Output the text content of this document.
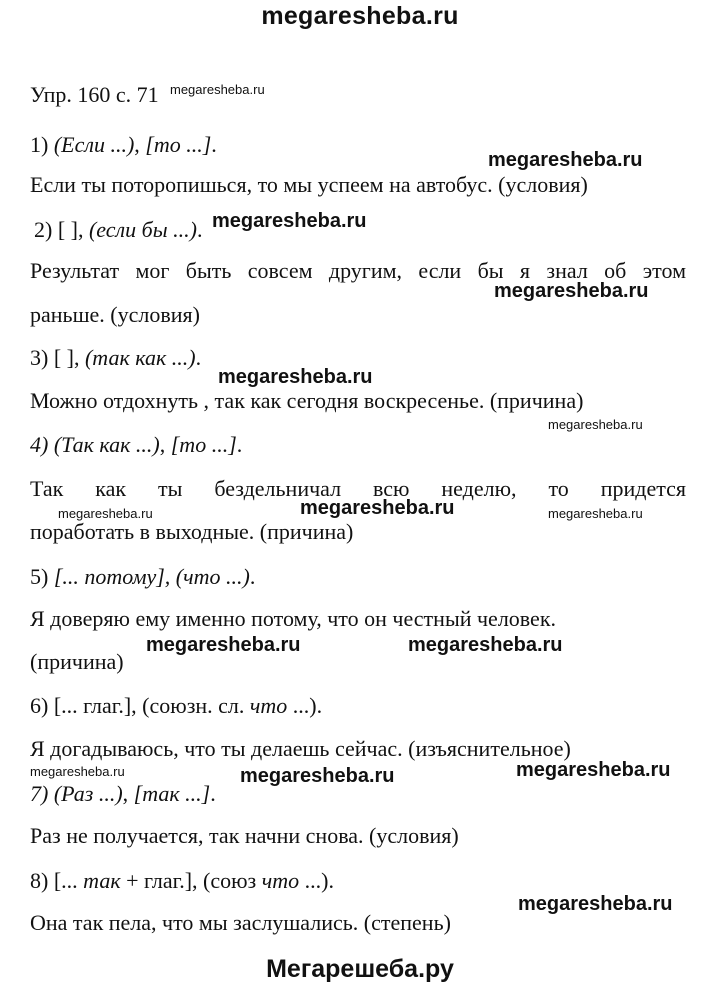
megaresheba.ru
Упр. 160 с. 71 megaresheba.ru
1) (Если ...), [то ...].
megaresheba.ru
Если ты поторопишься, то мы успеем на автобус. (условия)
2) [ ], (если бы ...). megaresheba.ru
Результат мог быть совсем другим, если бы я знал об этом
megaresheba.ru
раньше. (условия)
3) [ ], (так как ...).
megaresheba.ru
Можно отдохнуть , так как сегодня воскресенье. (причина)
megaresheba.ru
4) (Так как ...), [то ...].
Так как ты бездельничал всю неделю, то придется
megaresheba.ru
megaresheba.ru	megaresheba.ru
поработать в выходные. (причина)
5) [... потому], (что ...).
Я доверяю ему именно потому, что он честный человек.
megaresheba.ru	megaresheba.ru
(причина)
6) [... глаг.], (союзн. сл. что ...).
Я догадываюсь, что ты делаешь сейчас. (изъяснительное)
megaresheba.ru	megaresheba.ru	megaresheba.ru
7) (Раз ...), [так ...].
Раз не получается, так начни снова. (условия)
8) [... так + глаг.], (союз что ...).
megaresheba.ru
Она так пела, что мы заслушались. (степень)
Мегарешеба.ру
